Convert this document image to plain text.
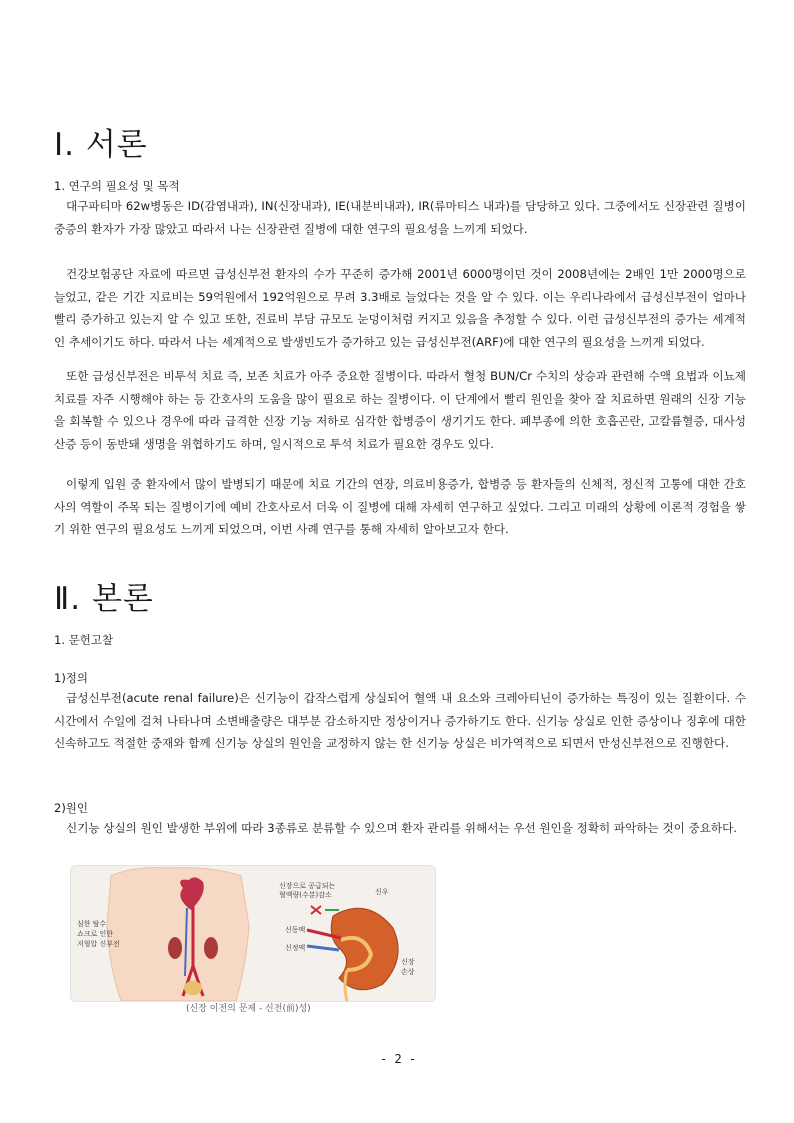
Ⅰ. 서론

1. 연구의 필요성 및 목적

대구파티마 62w병동은 ID(감염내과), IN(신장내과), IE(내분비내과), IR(류마티스 내과)를 담당하고 있다. 그중에서도 신장관련 질병이 중증의 환자가 가장 많았고 따라서 나는 신장관련 질병에 대한 연구의 필요성을 느끼게 되었다.

건강보험공단 자료에 따르면 급성신부전 환자의 수가 꾸준히 증가해 2001년 6000명이던 것이 2008년에는 2배인 1만 2000명으로 늘었고, 같은 기간 지료비는 59억원에서 192억원으로 무려 3.3배로 늘었다는 것을 알 수 있다. 이는 우리나라에서 급성신부전이 얼마나 빨리 증가하고 있는지 알 수 있고 또한, 진료비 부담 규모도 눈덩이처럼 커지고 있음을 추정할 수 있다. 이런 급성신부전의 증가는 세계적인 추세이기도 하다. 따라서 나는 세계적으로 발생빈도가 증가하고 있는 급성신부전(ARF)에 대한 연구의 필요성을 느끼게 되었다.

또한 급성신부전은 비투석 치료 즉, 보존 치료가 아주 중요한 질병이다. 따라서 혈청 BUN/Cr 수치의 상승과 관련해 수액 요법과 이뇨제 치료를 자주 시행해야 하는 등 간호사의 도움을 많이 필요로 하는 질병이다. 이 단계에서 빨리 원인을 찾아 잘 치료하면 원래의 신장 기능을 회복할 수 있으나 경우에 따라 급격한 신장 기능 저하로 심각한 합병증이 생기기도 한다. 폐부종에 의한 호흡곤란, 고칼륨혈증, 대사성산증 등이 동반돼 생명을 위협하기도 하며, 일시적으로 투석 치료가 필요한 경우도 있다.

이렇게 입원 중 환자에서 많이 발병되기 때문에 치료 기간의 연장, 의료비용증가, 합병증 등 환자들의 신체적, 정신적 고통에 대한 간호사의 역할이 주목 되는 질병이기에 예비 간호사로서 더욱 이 질병에 대해 자세히 연구하고 싶었다. 그리고 미래의 상황에 이론적 경험을 쌓기 위한 연구의 필요성도 느끼게 되었으며, 이번 사례 연구를 통해 자세히 알아보고자 한다.

Ⅱ. 본론

1. 문헌고찰

1)정의

급성신부전(acute renal failure)은 신기능이 갑작스럽게 상실되어 혈액 내 요소와 크레아티닌이 증가하는 특징이 있는 질환이다. 수 시간에서 수일에 걸쳐 나타나며 소변배출량은 대부분 감소하지만 정상이거나 증가하기도 한다. 신기능 상실로 인한 증상이나 징후에 대한 신속하고도 적절한 중재와 함께 신기능 상실의 원인을 교정하지 않는 한 신기능 상실은 비가역적으로 되면서 만성신부전으로 진행한다.

2)원인

신기능 상실의 원인 발생한 부위에 따라 3종류로 분류할 수 있으며 환자 관리를 위해서는 우선 원인을 정확히 파악하는 것이 중요하다.

심한 탈수
쇼크로 인한
저혈압 신부전
신장으로 공급되는
혈액량(수분)감소	신우
신동맥
신정맥
신장
손상
(신장 이전의 문제 - 신전(前)성)
- 2 -
